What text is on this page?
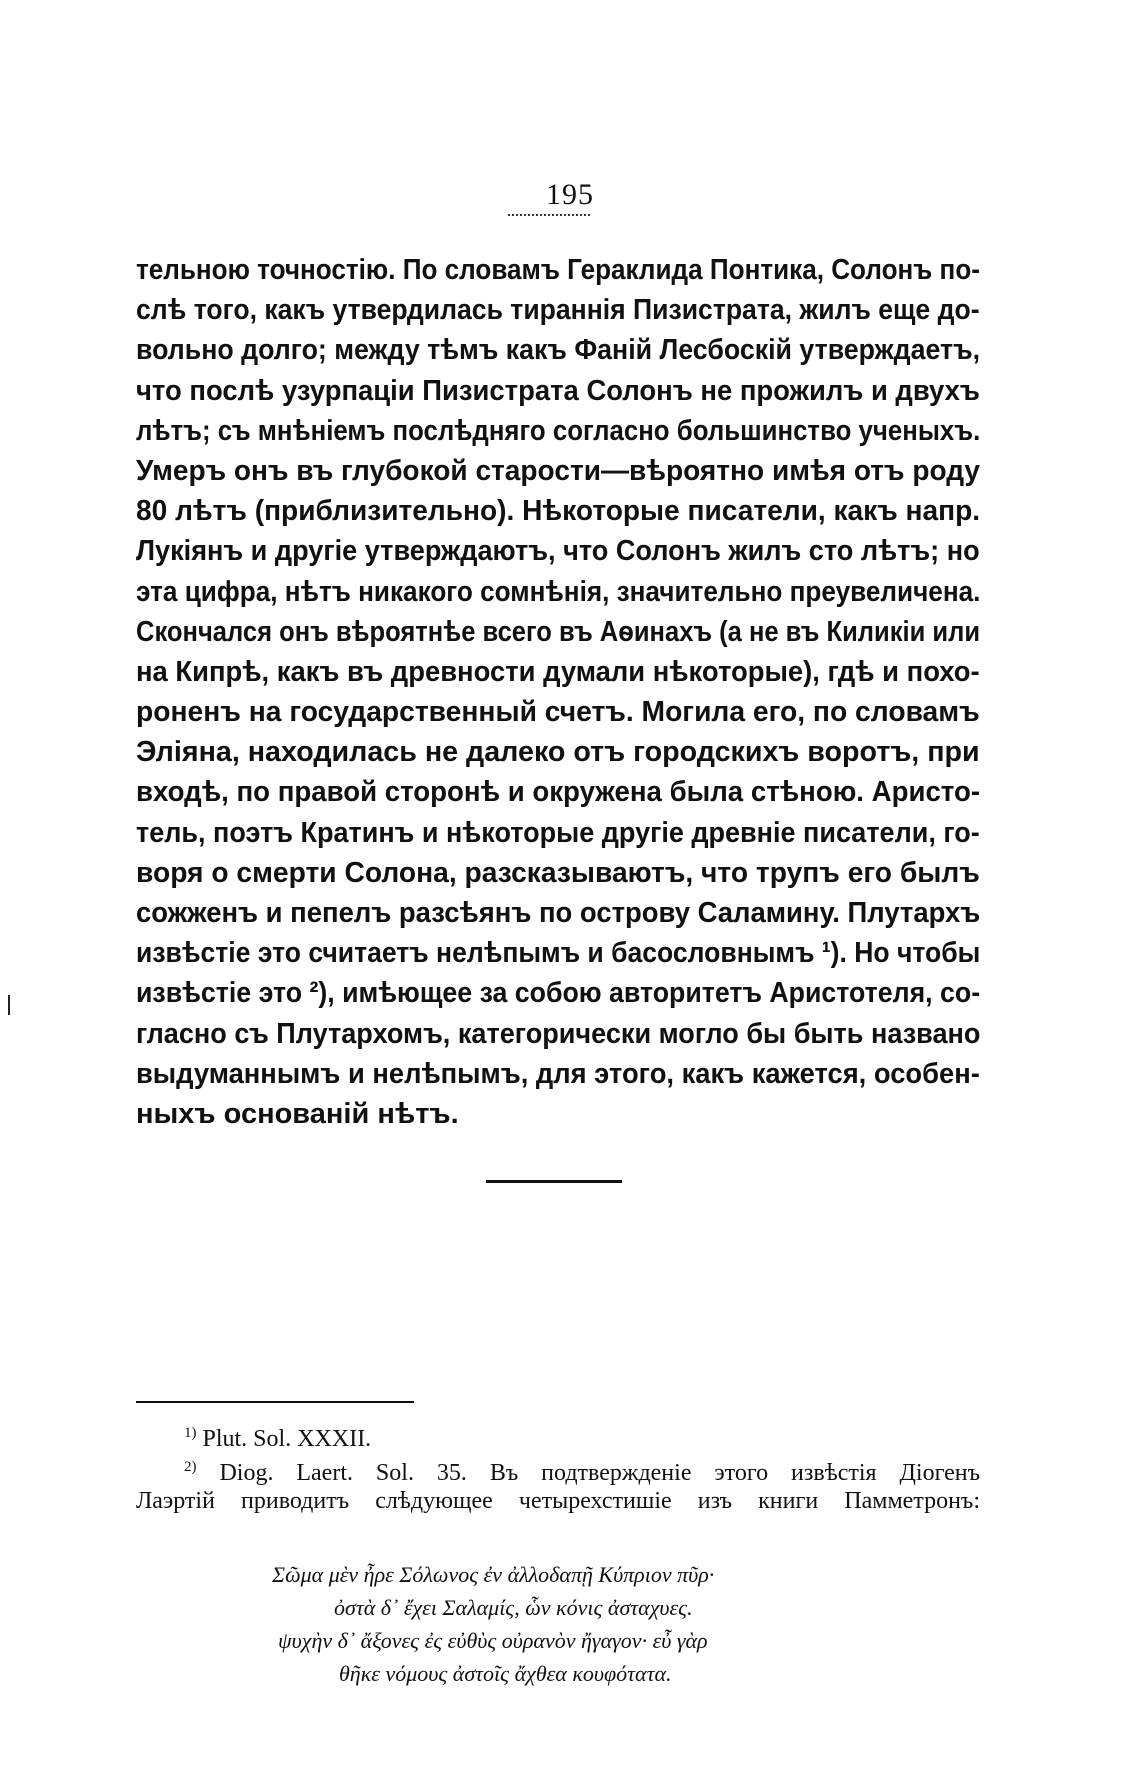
195
тельною точностію. По словамъ Гераклида Понтика, Солонъ по-
слѣ того, какъ утвердилась тираннія Пизистрата, жилъ еще до-
вольно долго; между тѣмъ какъ Фаній Лесбоскій утверждаетъ,
что послѣ узурпаціи Пизистрата Солонъ не прожилъ и двухъ
лѣтъ; съ мнѣніемъ послѣдняго согласно большинство ученыхъ.
Умеръ онъ въ глубокой старости—вѣроятно имѣя отъ роду
80 лѣтъ (приблизительно). Нѣкоторые писатели, какъ напр.
Лукіянъ и другіе утверждаютъ, что Солонъ жилъ сто лѣтъ; но
эта цифра, нѣтъ никакого сомнѣнія, значительно преувеличена.
Скончался онъ вѣроятнѣе всего въ Аѳинахъ (а не въ Киликіи или
на Кипрѣ, какъ въ древности думали нѣкоторые), гдѣ и похо-
роненъ на государственный счетъ. Могила его, по словамъ
Эліяна, находилась не далеко отъ городскихъ воротъ, при
входѣ, по правой сторонѣ и окружена была стѣною. Аристо-
тель, поэтъ Кратинъ и нѣкоторые другіе древніе писатели, го-
воря о смерти Солона, разсказываютъ, что трупъ его былъ
сожженъ и пепелъ разсѣянъ по острову Саламину. Плутархъ
извѣстіе это считаетъ нелѣпымъ и басословнымъ ¹). Но чтобы
извѣстіе это ²), имѣющее за собою авторитетъ Аристотеля, со-
гласно съ Плутархомъ, категорически могло бы быть названо
выдуманнымъ и нелѣпымъ, для этого, какъ кажется, особен-
ныхъ основаній нѣтъ.
$^{1)}$ Plut. Sol. XXXII.
$^{2)}$ Diog. Laert. Sol. 35. Въ подтвержденіе этого извѣстія Діогенъ
Лаэртій приводитъ слѣдующее четырехстишіе изъ книги Памметронъ:
Σῶμα μὲν ἦρε Σόλωνος ἐν ἀλλοδαπῇ Κύπριον πῦρ·
ὀστὰ δ᾽ ἔχει Σαλαμίς, ὧν κόνις ἀσταχυες.
ψυχὴν δ᾽ ἄξονες ἐς εὐθὺς οὐρανὸν ἤγαγον· εὖ γὰρ
θῆκε νόμους ἀστοῖς ἄχθεα κουφότατα.
